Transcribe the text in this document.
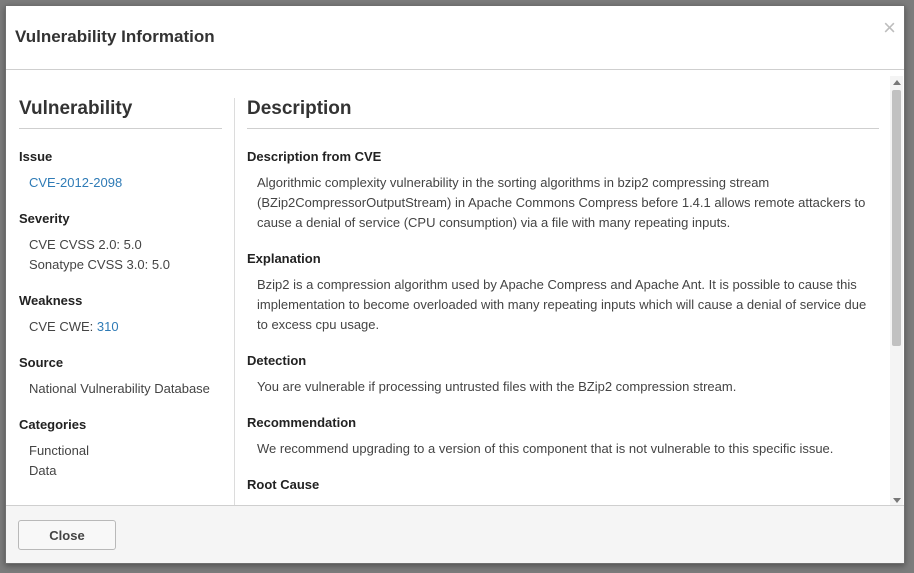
Vulnerability Information	×
Vulnerability
Issue
CVE-2012-2098
Severity
CVE CVSS 2.0: 5.0
Sonatype CVSS 3.0: 5.0
Weakness
CVE CWE: 310
Source
National Vulnerability Database
Categories
Functional
Data
Description
Description from CVE
Algorithmic complexity vulnerability in the sorting algorithms in bzip2 compressing stream (BZip2CompressorOutputStream) in Apache Commons Compress before 1.4.1 allows remote attackers to cause a denial of service (CPU consumption) via a file with many repeating inputs.
Explanation
Bzip2 is a compression algorithm used by Apache Compress and Apache Ant. It is possible to cause this implementation to become overloaded with many repeating inputs which will cause a denial of service due to excess cpu usage.
Detection
You are vulnerable if processing untrusted files with the BZip2 compression stream.
Recommendation
We recommend upgrading to a version of this component that is not vulnerable to this specific issue.
Root Cause
Close
